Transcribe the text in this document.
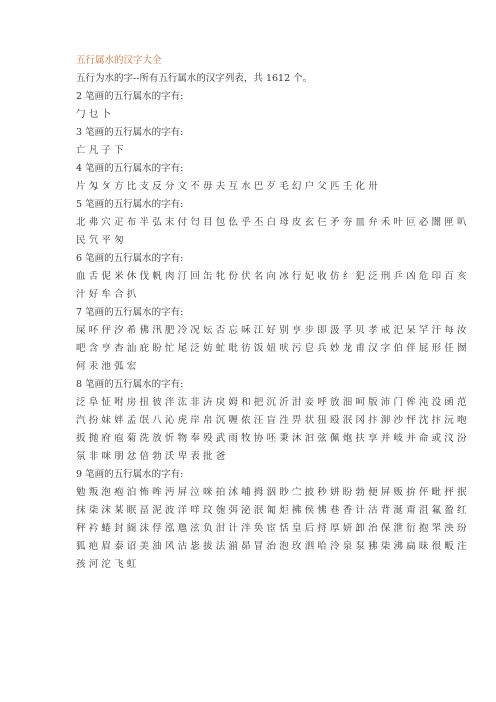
五行属水的汉字大全
五行为水的字--所有五行属水的汉字列表，共 1612 个。
2 笔画的五行属水的字有:
勹乜卜
3 笔画的五行属水的字有:
亡凡子下
4 笔画的五行属水的字有:
片匁〩方比支反分文不毋夫互水巴歹毛幻户父匹壬化卅
5 笔画的五行属水的字有:
北弗穴疋布半弘末付匄目包仫乎丕白母皮玄仨矛夯皿弁禾叶叵必闇匣叭民氕平匆
6 笔画的五行属水的字有:
血舌伲米休伐帆肉汀回缶牝份伏名向冰行妃收仿纟犯泛刑乒凶危印百亥汁好牟合扒
7 笔画的五行属水的字有:
屎吥伻汐希佛汛肥冷况妘否忘咊江好别亨步即汲孚贝孝戒汜呆罕汗每汝吧含亨杏汕庇盼忙尾泛妨虻吡彷饭妞吠污皀兵妙龙甫汉字伯伴屁形任囫何汞池弧宏
8 笔画的五行属水的字有:
泛阜怔咐房扭彼泮汯非泋戾姆和把沉沂泔妾呼放沺呵版沛门侔沌没函范汽扮妹姅孟氓八沁虎岸帛沉喱侬汪盲泩畀状狃殴泯冈抃泖沙怦沈抃沅咆扳抛府庖菊洗放忻物奉殁武雨牧协呸秉沐汩弦佩炮扶享并岐并命或汶汾氛非咪朋忿倍勃沃卑表批爸
9 笔画的五行属水的字有:
勉叛泡疱泊怖哞沔屏泣咪拍沭哺拇泅眇㝉披秒姘盼勃便屏贩拚伻毗抨抿抹柒沫某眠畐泥波洋咩玟匏弭泌泯匍炬拂侯怫巷香计沽背涎甭沮氟盈红秤衿蜷封阍沫俘泓虺泫负泔计泮奂宦恬皇后捋厚妍卸治保泄衍抱罘泱玢狐疤眉泰诏美油风沾毖拔法湔昴冒治泡玫泗哈泠泉泵狒柒沸扁昧很畈注孩河沱飞虹
